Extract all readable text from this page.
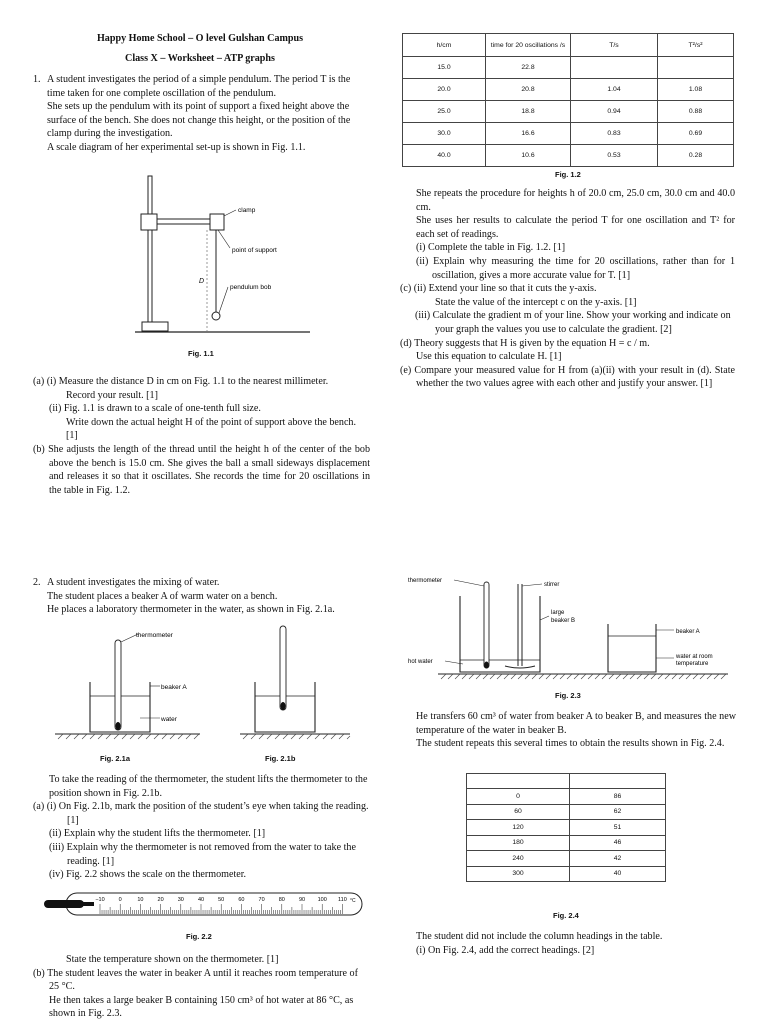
Happy Home School – O level Gulshan Campus
Class X – Worksheet – ATP graphs
1. A student investigates the period of a simple pendulum. The period T is the time taken for one complete oscillation of the pendulum.

She sets up the pendulum with its point of support a fixed height above the surface of the bench. She does not change this height, or the position of the clamp during the investigation.

A scale diagram of her experimental set-up is shown in Fig. 1.1.

D
clamp
point of support
pendulum bob
Fig. 1.1

(a) (i) Measure the distance D in cm on Fig. 1.1 to the nearest millimeter.

Record your result. [1]

(ii) Fig. 1.1 is drawn to a scale of one-tenth full size.

Write down the actual height H of the point of support above the bench. [1]

(b) She adjusts the length of the thread until the height h of the center of the bob above the bench is 15.0 cm. She gives the ball a small sideways displacement and releases it so that it oscillates. She records the time for 20 oscillations in the table in Fig. 1.2.

h/cm	time for 20 oscillations /s	T/s	T²/s²
15.0	22.8		
20.0	20.8	1.04	1.08
25.0	18.8	0.94	0.88
30.0	16.6	0.83	0.69
40.0	10.6	0.53	0.28
Fig. 1.2

She repeats the procedure for heights h of 20.0 cm, 25.0 cm, 30.0 cm and 40.0 cm.

She uses her results to calculate the period T for one oscillation and T² for each set of readings.

(i) Complete the table in Fig. 1.2. [1]

(ii) Explain why measuring the time for 20 oscillations, rather than for 1 oscillation, gives a more accurate value for T. [1]

(c) (ii) Extend your line so that it cuts the y-axis.

State the value of the intercept c on the y-axis. [1]

(iii) Calculate the gradient m of your line. Show your working and indicate on your graph the values you use to calculate the gradient. [2]

(d) Theory suggests that H is given by the equation H = c / m.

Use this equation to calculate H. [1]

(e) Compare your measured value for H from (a)(ii) with your result in (d). State whether the two values agree with each other and justify your answer. [1]

2. A student investigates the mixing of water.

The student places a beaker A of warm water on a bench.

He places a laboratory thermometer in the water, as shown in Fig. 2.1a.

thermometer
beaker A
water
Fig. 2.1a	Fig. 2.1b

To take the reading of the thermometer, the student lifts the thermometer to the position shown in Fig. 2.1b.

(a) (i) On Fig. 2.1b, mark the position of the student’s eye when taking the reading. [1]

(ii) Explain why the student lifts the thermometer. [1]

(iii) Explain why the thermometer is not removed from the water to take the reading. [1]

(iv) Fig. 2.2 shows the scale on the thermometer.

−10	0	10	20	30	40	50	60	70	80	90 100 110 °C
Fig. 2.2

State the temperature shown on the thermometer. [1]

(b) The student leaves the water in beaker A until it reaches room temperature of 25 °C.

He then takes a large beaker B containing 150 cm³ of hot water at 86 °C, as shown in Fig. 2.3.

thermometer
stirrer
large
beaker B
hot water
beaker A
water at room
temperature
Fig. 2.3

He transfers 60 cm³ of water from beaker A to beaker B, and measures the new temperature of the water in beaker B.

The student repeats this several times to obtain the results shown in Fig. 2.4.

0	86
60	62
120	51
180	46
240	42
300	40
Fig. 2.4

The student did not include the column headings in the table.

(i) On Fig. 2.4, add the correct headings. [2]
